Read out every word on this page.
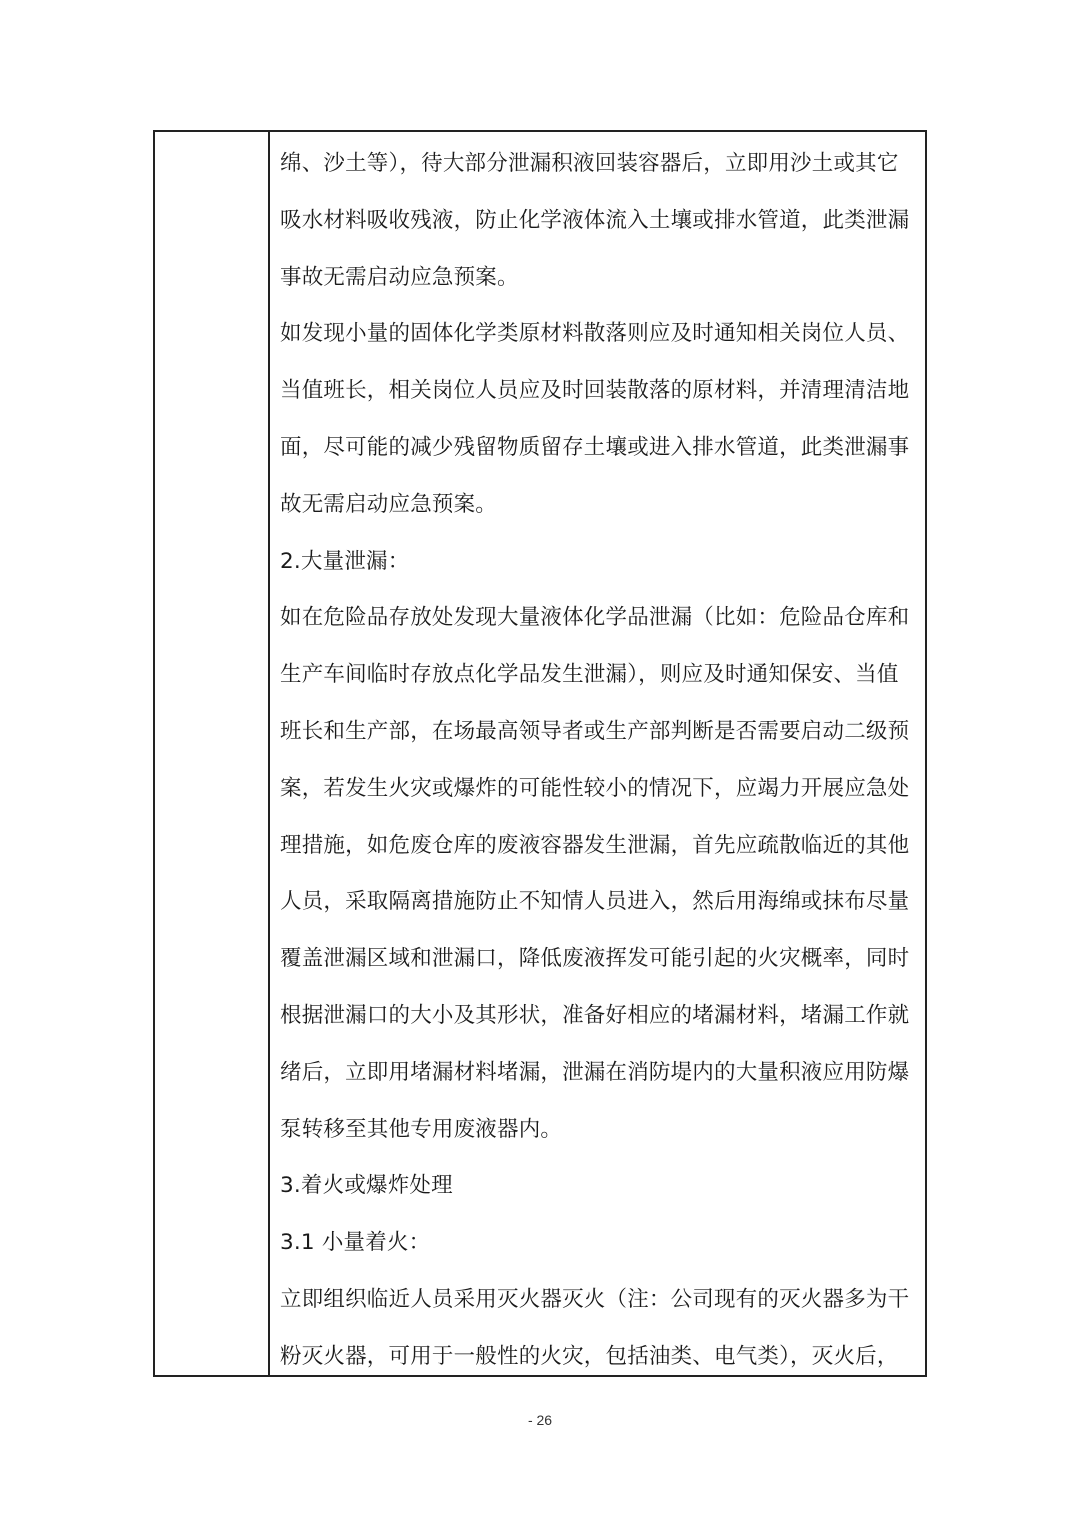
绵、沙土等），待大部分泄漏积液回装容器后，立即用沙土或其它
吸水材料吸收残液，防止化学液体流入土壤或排水管道，此类泄漏
事故无需启动应急预案。
如发现小量的固体化学类原材料散落则应及时通知相关岗位人员、
当值班长，相关岗位人员应及时回装散落的原材料，并清理清洁地
面，尽可能的减少残留物质留存土壤或进入排水管道，此类泄漏事
故无需启动应急预案。
2.大量泄漏：
如在危险品存放处发现大量液体化学品泄漏（比如：危险品仓库和
生产车间临时存放点化学品发生泄漏），则应及时通知保安、当值
班长和生产部，在场最高领导者或生产部判断是否需要启动二级预
案，若发生火灾或爆炸的可能性较小的情况下，应竭力开展应急处
理措施，如危废仓库的废液容器发生泄漏，首先应疏散临近的其他
人员，采取隔离措施防止不知情人员进入，然后用海绵或抹布尽量
覆盖泄漏区域和泄漏口，降低废液挥发可能引起的火灾概率，同时
根据泄漏口的大小及其形状，准备好相应的堵漏材料，堵漏工作就
绪后，立即用堵漏材料堵漏，泄漏在消防堤内的大量积液应用防爆
泵转移至其他专用废液器内。
3.着火或爆炸处理
3.1 小量着火：
立即组织临近人员采用灭火器灭火（注：公司现有的灭火器多为干
粉灭火器，可用于一般性的火灾，包括油类、电气类），灭火后，
- 26
